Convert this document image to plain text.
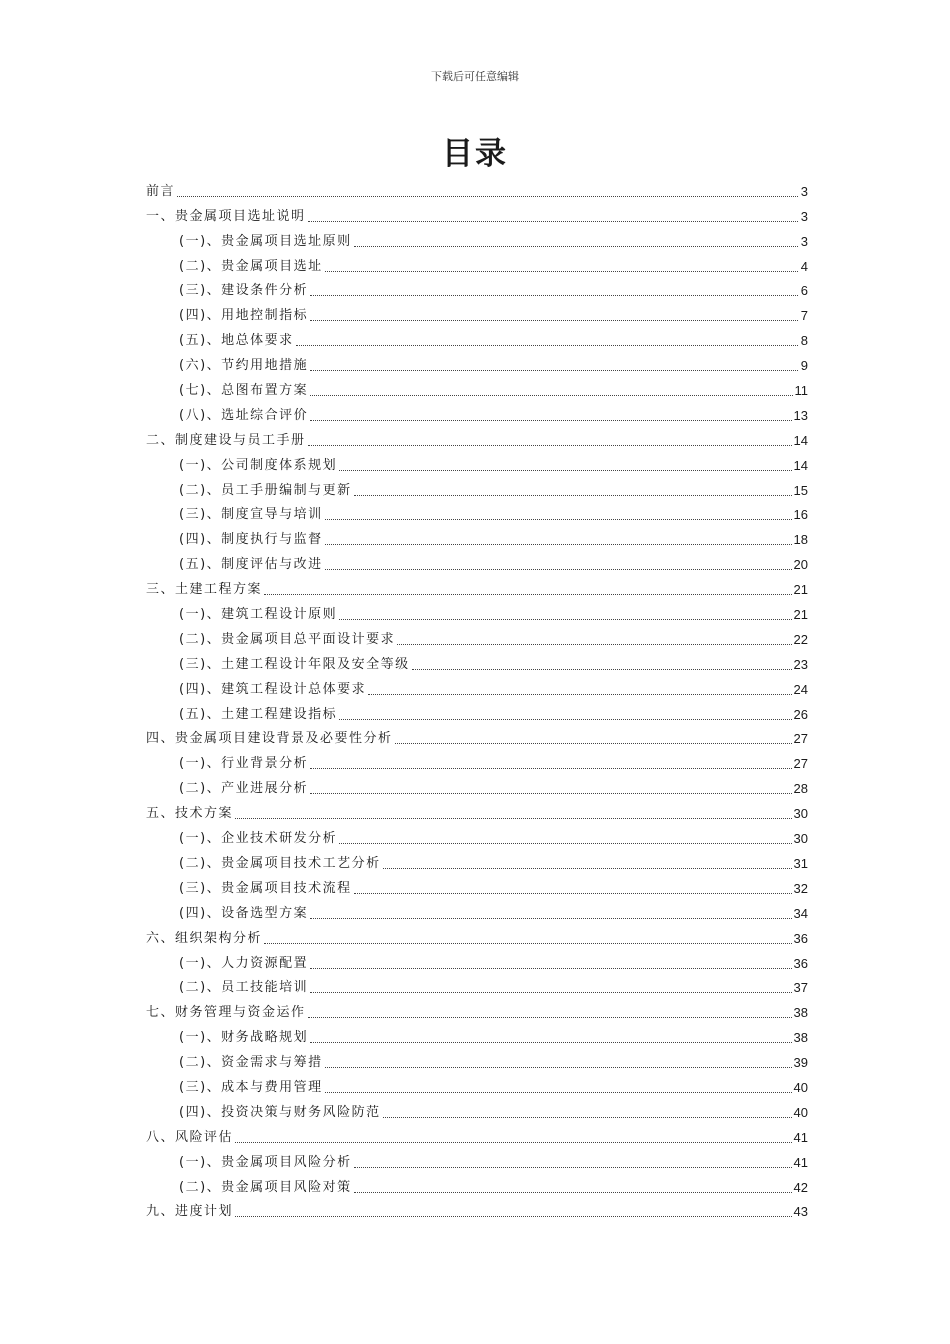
下载后可任意编辑
目录
前言	3
一、贵金属项目选址说明	3
(一)、贵金属项目选址原则	3
(二)、贵金属项目选址	4
(三)、建设条件分析	6
(四)、用地控制指标	7
(五)、地总体要求	8
(六)、节约用地措施	9
(七)、总图布置方案	11
(八)、选址综合评价	13
二、制度建设与员工手册	14
(一)、公司制度体系规划	14
(二)、员工手册编制与更新	15
(三)、制度宣导与培训	16
(四)、制度执行与监督	18
(五)、制度评估与改进	20
三、土建工程方案	21
(一)、建筑工程设计原则	21
(二)、贵金属项目总平面设计要求	22
(三)、土建工程设计年限及安全等级	23
(四)、建筑工程设计总体要求	24
(五)、土建工程建设指标	26
四、贵金属项目建设背景及必要性分析	27
(一)、行业背景分析	27
(二)、产业进展分析	28
五、技术方案	30
(一)、企业技术研发分析	30
(二)、贵金属项目技术工艺分析	31
(三)、贵金属项目技术流程	32
(四)、设备选型方案	34
六、组织架构分析	36
(一)、人力资源配置	36
(二)、员工技能培训	37
七、财务管理与资金运作	38
(一)、财务战略规划	38
(二)、资金需求与筹措	39
(三)、成本与费用管理	40
(四)、投资决策与财务风险防范	40
八、风险评估	41
(一)、贵金属项目风险分析	41
(二)、贵金属项目风险对策	42
九、进度计划	43
